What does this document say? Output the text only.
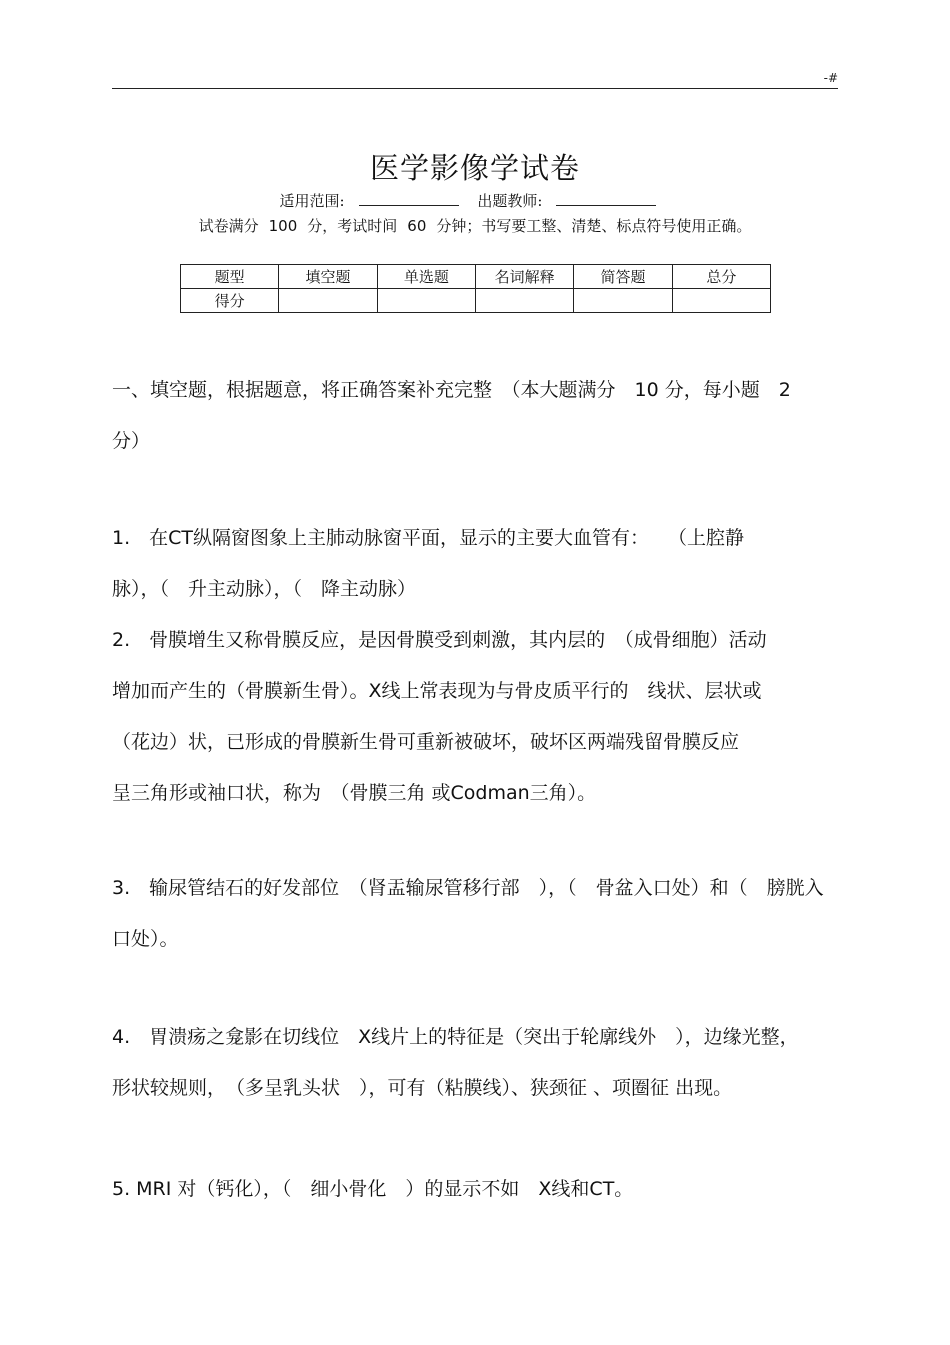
-#
医学影像学试卷
适用范围:	出题教师:
试卷满分 100 分，考试时间 60 分钟；书写要工整、清楚、标点符号使用正确。
题型	填空题	单选题	名词解释	简答题	总分
得分					

一、填空题，根据题意，将正确答案补充完整　（本大题满分　10 分，每小题　2

分）

1.　在CT纵隔窗图象上主肺动脉窗平面，显示的主要大血管有：　　（上腔静

脉），（　升主动脉），（　降主动脉）

2.　骨膜增生又称骨膜反应，是因骨膜受到刺激，其内层的　（成骨细胞）活动

增加而产生的（骨膜新生骨）。X线上常表现为与骨皮质平行的　线状、层状或

（花边）状，已形成的骨膜新生骨可重新被破坏，破坏区两端残留骨膜反应

呈三角形或袖口状，称为　（骨膜三角 或Codman三角）。

3.　输尿管结石的好发部位　（肾盂输尿管移行部　），（　骨盆入口处）和（　膀胱入

口处）。

4.　胃溃疡之龛影在切线位　X线片上的特征是（突出于轮廓线外　），边缘光整，

形状较规则，　（多呈乳头状　），可有（粘膜线）、狭颈征 、项圈征 出现。

5. MRI 对（钙化），（　细小骨化　）的显示不如　X线和CT。
